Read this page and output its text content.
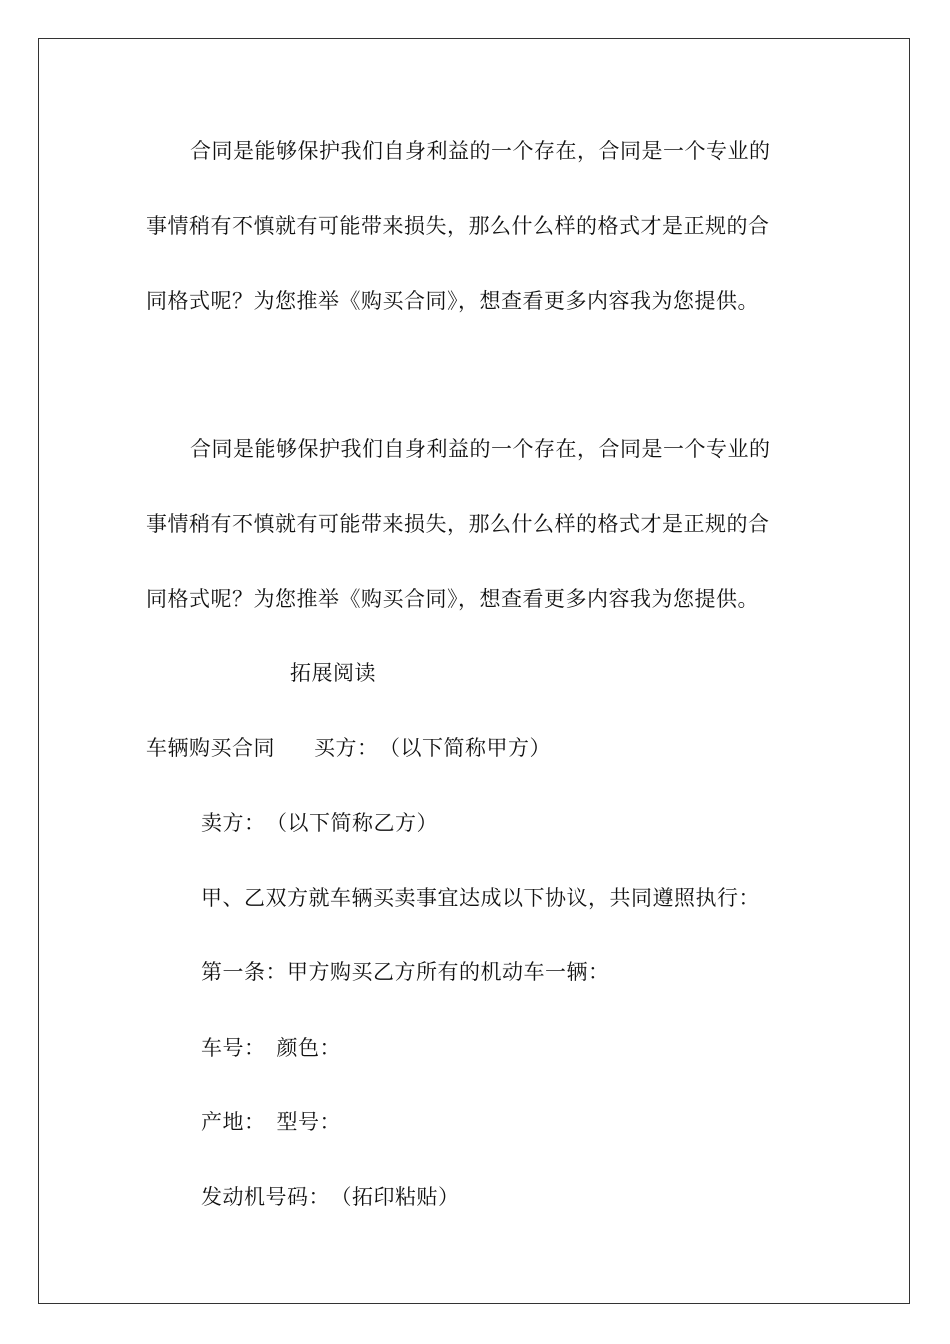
合同是能够保护我们自身利益的一个存在，合同是一个专业的
事情稍有不慎就有可能带来损失，那么什么样的格式才是正规的合
同格式呢？为您推举《购买合同》，想查看更多内容我为您提供。
合同是能够保护我们自身利益的一个存在，合同是一个专业的
事情稍有不慎就有可能带来损失，那么什么样的格式才是正规的合
同格式呢？为您推举《购买合同》，想查看更多内容我为您提供。
拓展阅读
车辆购买合同 买方：　（以下简称甲方）
卖方：　（以下简称乙方）
甲、乙双方就车辆买卖事宜达成以下协议，共同遵照执行：
第一条：甲方购买乙方所有的机动车一辆：
车号：　颜色：
产地：　型号：
发动机号码：　（拓印粘贴）
